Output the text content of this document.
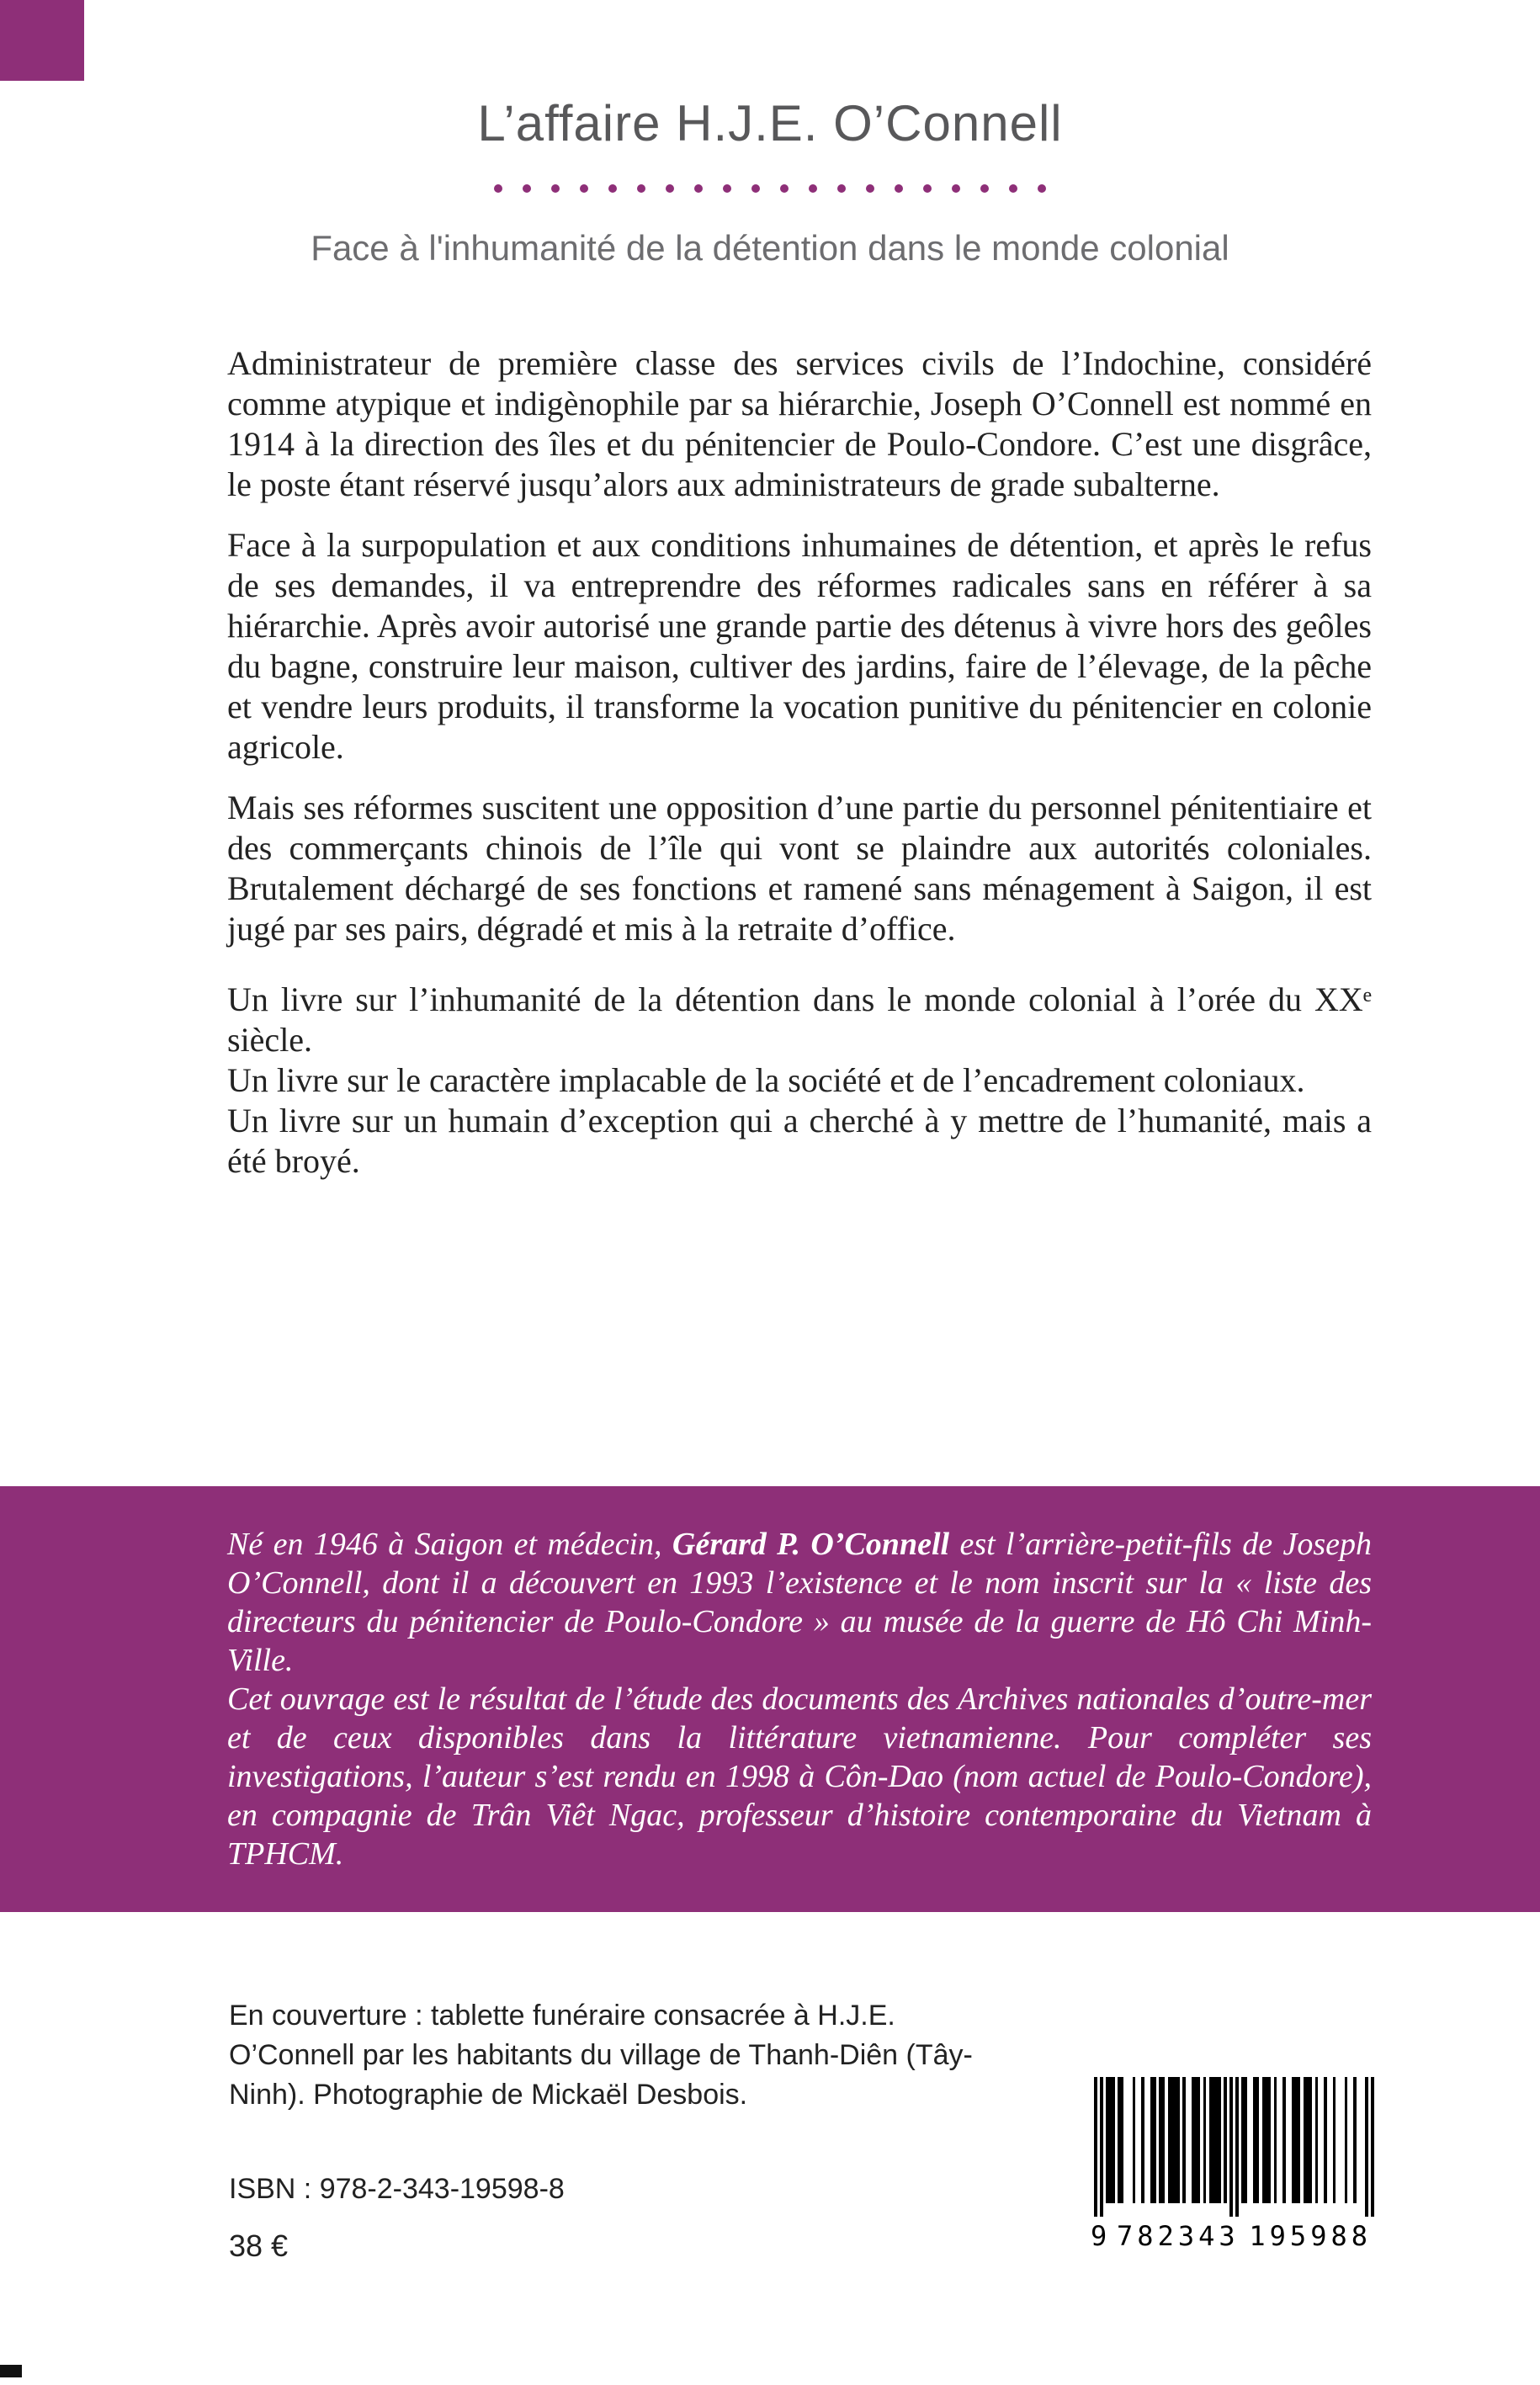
L’affaire H.J.E. O’Connell
Face à l'inhumanité de la détention dans le monde colonial

Administrateur de première classe des services civils de l’Indochine, considéré comme atypique et indigènophile par sa hiérarchie, Joseph O’Connell est nommé en 1914 à la direction des îles et du pénitencier de Poulo-Condore. C’est une disgrâce, le poste étant réservé jusqu’alors aux administrateurs de grade subalterne.

Face à la surpopulation et aux conditions inhumaines de détention, et après le refus de ses demandes, il va entreprendre des réformes radicales sans en référer à sa hiérarchie. Après avoir autorisé une grande partie des détenus à vivre hors des geôles du bagne, construire leur maison, cultiver des jardins, faire de l’élevage, de la pêche et vendre leurs produits, il transforme la vocation punitive du pénitencier en colonie agricole.

Mais ses réformes suscitent une opposition d’une partie du personnel pénitentiaire et des commerçants chinois de l’île qui vont se plaindre aux autorités coloniales. Brutalement déchargé de ses fonctions et ramené sans ménagement à Saigon, il est jugé par ses pairs, dégradé et mis à la retraite d’office.

Un livre sur l’inhumanité de la détention dans le monde colonial à l’orée du XXᵉ siècle.

Un livre sur le caractère implacable de la société et de l’encadrement coloniaux.

Un livre sur un humain d’exception qui a cherché à y mettre de l’humanité, mais a été broyé.

Né en 1946 à Saigon et médecin, Gérard P. O’Connell est l’arrière-petit-fils de Joseph O’Connell, dont il a découvert en 1993 l’existence et le nom inscrit sur la « liste des directeurs du pénitencier de Poulo-Condore » au musée de la guerre de Hô Chi Minh-Ville.

Cet ouvrage est le résultat de l’étude des documents des Archives nationales d’outre-mer et de ceux disponibles dans la littérature vietnamienne. Pour compléter ses investigations, l’auteur s’est rendu en 1998 à Côn-Dao (nom actuel de Poulo-Condore), en compagnie de Trân Viêt Ngac, professeur d’histoire contemporaine du Vietnam à TPHCM.

En couverture : tablette funéraire consacrée à H.J.E. O’Connell par les habitants du village de Thanh-Diên (Tây-Ninh). Photographie de Mickaël Desbois.
ISBN : 978-2-343-19598-8
38 €	9 782343 195988
